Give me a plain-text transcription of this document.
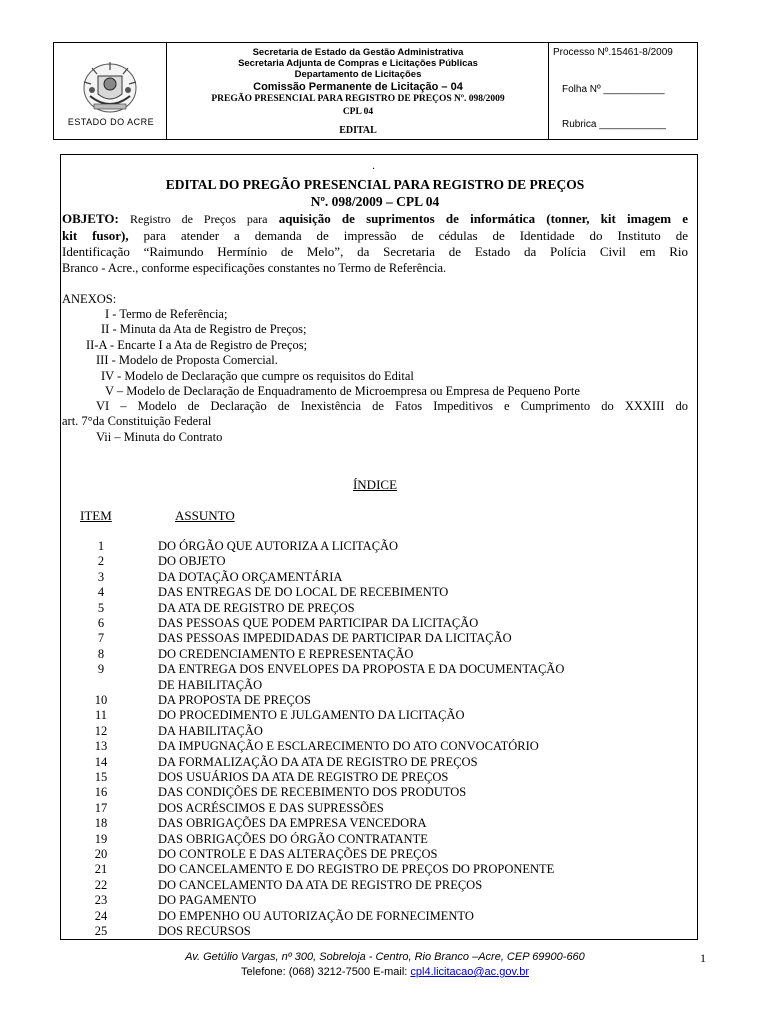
ESTADO DO ACRE
Secretaria de Estado da Gestão Administrativa
Secretaria Adjunta de Compras e Licitações Públicas
Departamento de Licitações
Comissão Permanente de Licitação – 04
PREGÃO PRESENCIAL PARA REGISTRO DE PREÇOS Nº. 098/2009
CPL 04
EDITAL
Processo Nº.15461-8/2009
Folha Nº ___________
Rubrica ____________
.
EDITAL DO PREGÃO PRESENCIAL PARA REGISTRO DE PREÇOS
Nº. 098/2009 – CPL 04
OBJETO: Registro de Preços para aquisição de suprimentos de informática (tonner, kit imagem e
kit fusor), para atender a demanda de impressão de cédulas de Identidade do Instituto de
Identificação “Raimundo Hermínio de Melo”, da Secretaria de Estado da Polícia Civil em Rio
Branco - Acre., conforme especificações constantes no Termo de Referência.
ANEXOS:
I - Termo de Referência;
II - Minuta da Ata de Registro de Preços;
II-A - Encarte I a Ata de Registro de Preços;
III - Modelo de Proposta Comercial.
IV - Modelo de Declaração que cumpre os requisitos do Edital
V – Modelo de Declaração de Enquadramento de Microempresa ou Empresa de Pequeno Porte
VI – Modelo de Declaração de Inexistência de Fatos Impeditivos e Cumprimento do XXXIII do
art. 7°da Constituição Federal
Vii – Minuta do Contrato
ÍNDICE
ITEM	ASSUNTO
1	DO ÓRGÃO QUE AUTORIZA A LICITAÇÃO
2	DO OBJETO
3	DA DOTAÇÃO ORÇAMENTÁRIA
4	DAS ENTREGAS DE DO LOCAL DE RECEBIMENTO
5	DA ATA DE REGISTRO DE PREÇOS
6	DAS PESSOAS QUE PODEM PARTICIPAR DA LICITAÇÃO
7	DAS PESSOAS IMPEDIDADAS DE PARTICIPAR DA LICITAÇÃO
8	DO CREDENCIAMENTO E REPRESENTAÇÃO
9	DA ENTREGA DOS ENVELOPES DA PROPOSTA E DA DOCUMENTAÇÃO
DE HABILITAÇÃO
10	DA PROPOSTA DE PREÇOS
11	DO PROCEDIMENTO E JULGAMENTO DA LICITAÇÃO
12	DA HABILITAÇÃO
13	DA IMPUGNAÇÃO E ESCLARECIMENTO DO ATO CONVOCATÓRIO
14	DA FORMALIZAÇÃO DA ATA DE REGISTRO DE PREÇOS
15	DOS USUÁRIOS DA ATA DE REGISTRO DE PREÇOS
16	DAS CONDIÇÕES DE RECEBIMENTO DOS PRODUTOS
17	DOS ACRÉSCIMOS E DAS SUPRESSÕES
18	DAS OBRIGAÇÕES DA EMPRESA VENCEDORA
19	DAS OBRIGAÇÕES DO ÓRGÃO CONTRATANTE
20	DO CONTROLE E DAS ALTERAÇÕES DE PREÇOS
21	DO CANCELAMENTO E DO REGISTRO DE PREÇOS DO PROPONENTE
22	DO CANCELAMENTO DA ATA DE REGISTRO DE PREÇOS
23	DO PAGAMENTO
24	DO EMPENHO OU AUTORIZAÇÃO DE FORNECIMENTO
25	DOS RECURSOS
Av. Getúlio Vargas, nº 300, Sobreloja - Centro, Rio Branco –Acre, CEP 69900-660
Telefone: (068) 3212-7500 E-mail: cpl4.licitacao@ac.gov.br
1
